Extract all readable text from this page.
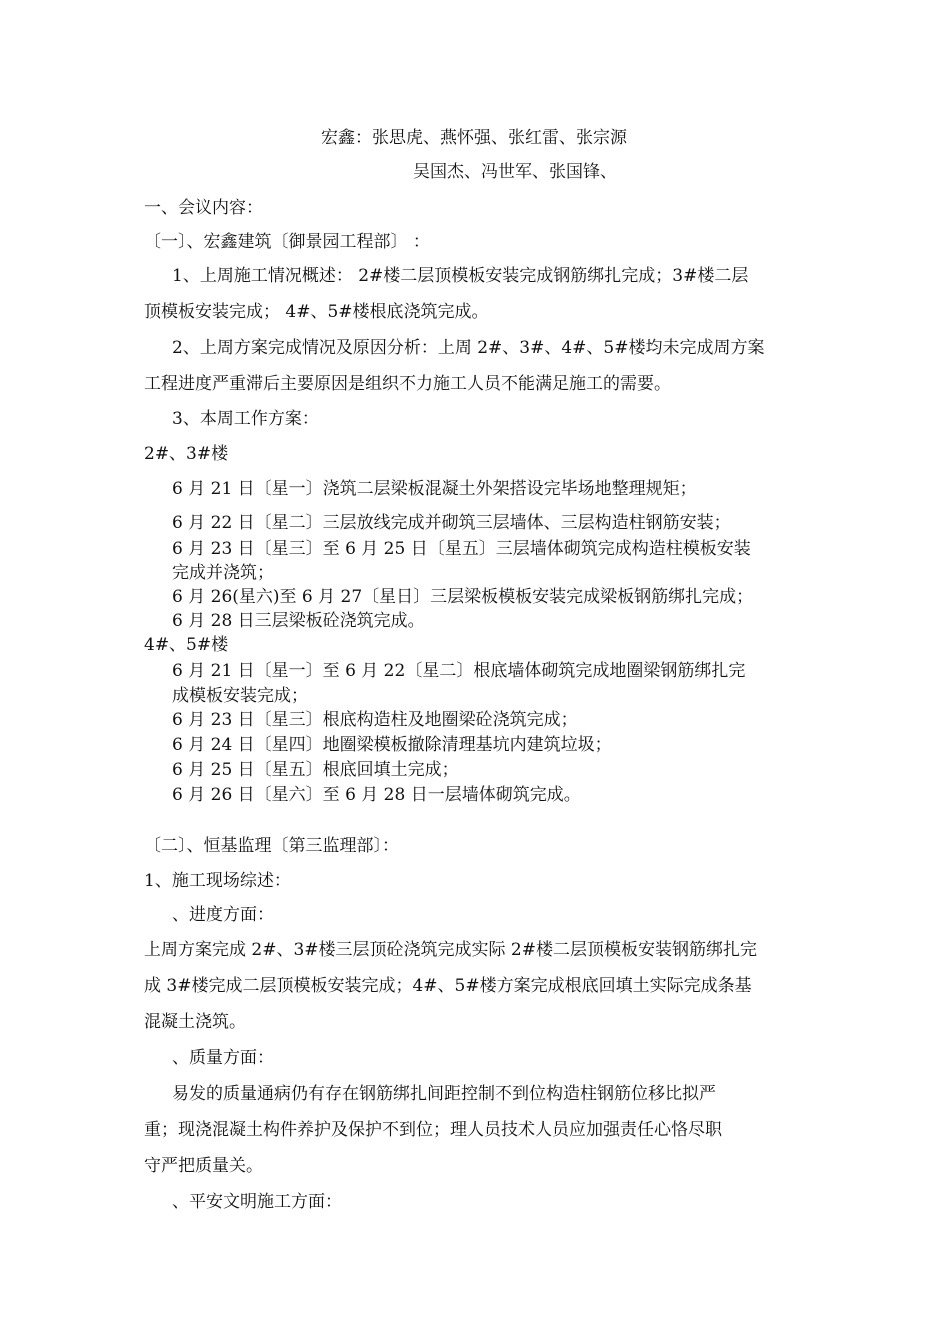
宏鑫：张思虎、燕怀强、张红雷、张宗源
吴国杰、冯世军、张国锋、
一、会议内容：
〔一〕、宏鑫建筑〔御景园工程部〕 ：
1、上周施工情况概述： 2#楼二层顶模板安装完成钢筋绑扎完成；3#楼二层
顶模板安装完成； 4#、5#楼根底浇筑完成。
2、上周方案完成情况及原因分析：上周 2#、3#、4#、5#楼均未完成周方案
工程进度严重滞后主要原因是组织不力施工人员不能满足施工的需要。
3、本周工作方案：
2#、3#楼
6 月 21 日〔星一〕浇筑二层梁板混凝土外架搭设完毕场地整理规矩；
6 月 22 日〔星二〕三层放线完成并砌筑三层墙体、三层构造柱钢筋安装；
6 月 23 日〔星三〕至 6 月 25 日〔星五〕三层墙体砌筑完成构造柱模板安装
完成并浇筑；
6 月 26(星六)至 6 月 27〔星日〕三层梁板模板安装完成梁板钢筋绑扎完成；
6 月 28 日三层梁板砼浇筑完成。
4#、5#楼
6 月 21 日〔星一〕至 6 月 22〔星二〕根底墙体砌筑完成地圈梁钢筋绑扎完
成模板安装完成；
6 月 23 日〔星三〕根底构造柱及地圈梁砼浇筑完成；
6 月 24 日〔星四〕地圈梁模板撤除清理基坑内建筑垃圾；
6 月 25 日〔星五〕根底回填土完成；
6 月 26 日〔星六〕至 6 月 28 日一层墙体砌筑完成。
〔二〕、恒基监理〔第三监理部〕：
1、施工现场综述：
、进度方面：
上周方案完成 2#、3#楼三层顶砼浇筑完成实际 2#楼二层顶模板安装钢筋绑扎完
成 3#楼完成二层顶模板安装完成；4#、5#楼方案完成根底回填土实际完成条基
混凝土浇筑。
、质量方面：
易发的质量通病仍有存在钢筋绑扎间距控制不到位构造柱钢筋位移比拟严
重；现浇混凝土构件养护及保护不到位；理人员技术人员应加强责任心恪尽职
守严把质量关。
、平安文明施工方面：
